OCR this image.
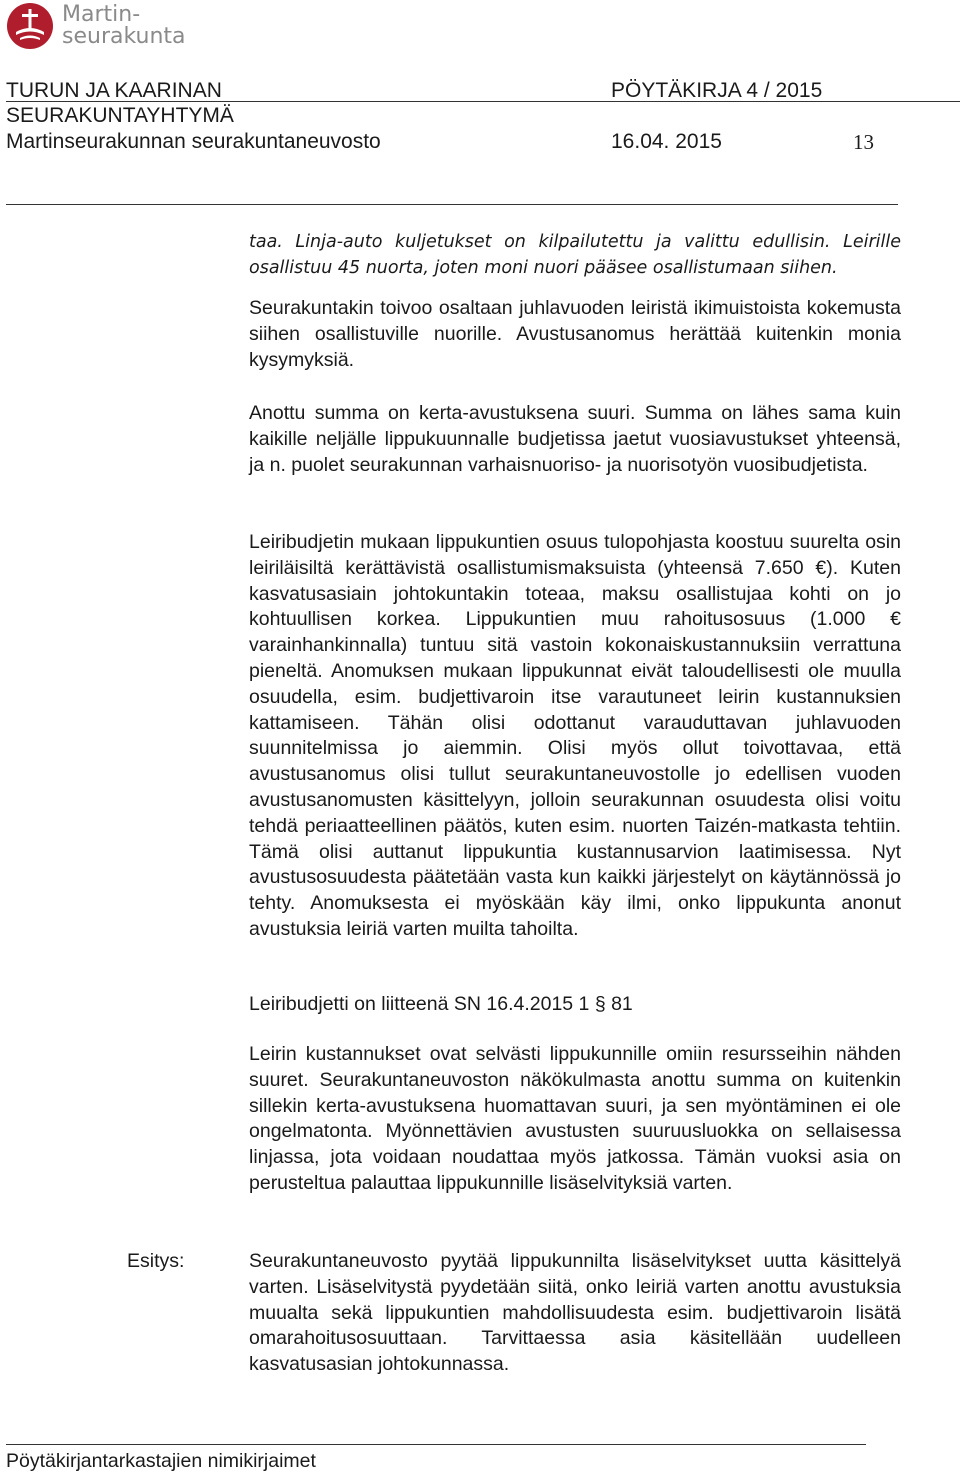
Martin-
seurakunta
TURUN JA KAARINAN	PÖYTÄKIRJA 4 / 2015
SEURAKUNTAYHTYMÄ
Martinseurakunnan seurakuntaneuvosto	16.04. 2015	13

taa. Linja-auto kuljetukset on kilpailutettu ja valittu edullisin. Leirille osallistuu 45 nuorta, joten moni nuori pääsee osallistumaan siihen.

Seurakuntakin toivoo osaltaan juhlavuoden leiristä ikimuistoista kokemusta siihen osallistuville nuorille. Avustusanomus herättää kuitenkin monia kysymyksiä.

Anottu summa on kerta-avustuksena suuri. Summa on lähes sama kuin kaikille neljälle lippukuunnalle budjetissa jaetut vuosiavustukset yhteensä, ja n. puolet seurakunnan varhaisnuoriso- ja nuorisotyön vuosibudjetista.

Leiribudjetin mukaan lippukuntien osuus tulopohjasta koostuu suurelta osin leiriläisiltä kerättävistä osallistumismaksuista (yhteensä 7.650 €). Kuten kasvatusasiain johtokuntakin toteaa, maksu osallistujaa kohti on jo kohtuullisen korkea. Lippukuntien muu rahoitusosuus (1.000 € varainhankinnalla) tuntuu sitä vastoin kokonaiskustannuksiin verrattuna pieneltä. Anomuksen mukaan lippukunnat eivät taloudellisesti ole muulla osuudella, esim. budjettivaroin itse varautuneet leirin kustannuksien kattamiseen. Tähän olisi odottanut varauduttavan juhlavuoden suunnitelmissa jo aiemmin. Olisi myös ollut toivottavaa, että avustusanomus olisi tullut seurakuntaneuvostolle jo edellisen vuoden avustusanomusten käsittelyyn, jolloin seurakunnan osuudesta olisi voitu tehdä periaatteellinen päätös, kuten esim. nuorten Taizén-matkasta tehtiin. Tämä olisi auttanut lippukuntia kustannusarvion laatimisessa. Nyt avustusosuudesta päätetään vasta kun kaikki järjestelyt on käytännössä jo tehty. Anomuksesta ei myöskään käy ilmi, onko lippukunta anonut avustuksia leiriä varten muilta tahoilta.

Leiribudjetti on liitteenä SN 16.4.2015 1 § 81

Leirin kustannukset ovat selvästi lippukunnille omiin resursseihin nähden suuret. Seurakuntaneuvoston näkökulmasta anottu summa on kuitenkin sillekin kerta-avustuksena huomattavan suuri, ja sen myöntäminen ei ole ongelmatonta. Myönnettävien avustusten suuruusluokka on sellaisessa linjassa, jota voidaan noudattaa myös jatkossa. Tämän vuoksi asia on perusteltua palauttaa lippukunnille lisäselvityksiä varten.

Esitys:	Seurakuntaneuvosto pyytää lippukunnilta lisäselvitykset uutta käsittelyä varten. Lisäselvitystä pyydetään siitä, onko leiriä varten anottu avustuksia muualta sekä lippukuntien mahdollisuudesta esim. budjettivaroin lisätä omarahoitusosuuttaan. Tarvittaessa asia käsitellään uudelleen kasvatusasian johtokunnassa.

Pöytäkirjantarkastajien nimikirjaimet
